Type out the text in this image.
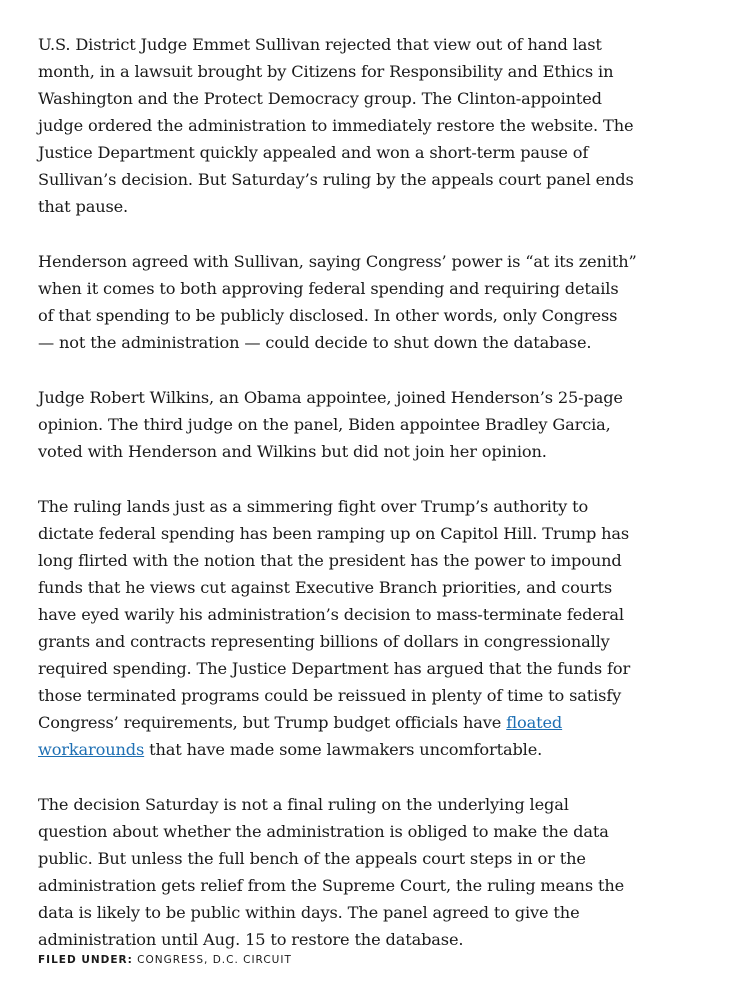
U.S. District Judge Emmet Sullivan rejected that view out of hand last month, in a lawsuit brought by Citizens for Responsibility and Ethics in Washington and the Protect Democracy group. The Clinton-appointed judge ordered the administration to immediately restore the website. The Justice Department quickly appealed and won a short-term pause of Sullivan’s decision. But Saturday’s ruling by the appeals court panel ends that pause.

Henderson agreed with Sullivan, saying Congress’ power is “at its zenith” when it comes to both approving federal spending and requiring details of that spending to be publicly disclosed. In other words, only Congress — not the administration — could decide to shut down the database.

Judge Robert Wilkins, an Obama appointee, joined Henderson’s 25-page opinion. The third judge on the panel, Biden appointee Bradley Garcia, voted with Henderson and Wilkins but did not join her opinion.

The ruling lands just as a simmering fight over Trump’s authority to dictate federal spending has been ramping up on Capitol Hill. Trump has long flirted with the notion that the president has the power to impound funds that he views cut against Executive Branch priorities, and courts have eyed warily his administration’s decision to mass-terminate federal grants and contracts representing billions of dollars in congressionally required spending. The Justice Department has argued that the funds for those terminated programs could be reissued in plenty of time to satisfy Congress’ requirements, but Trump budget officials have floated workarounds that have made some lawmakers uncomfortable.

The decision Saturday is not a final ruling on the underlying legal question about whether the administration is obliged to make the data public. But unless the full bench of the appeals court steps in or the administration gets relief from the Supreme Court, the ruling means the data is likely to be public within days. The panel agreed to give the administration until Aug. 15 to restore the database.

FILED UNDER: CONGRESS, D.C. CIRCUIT
